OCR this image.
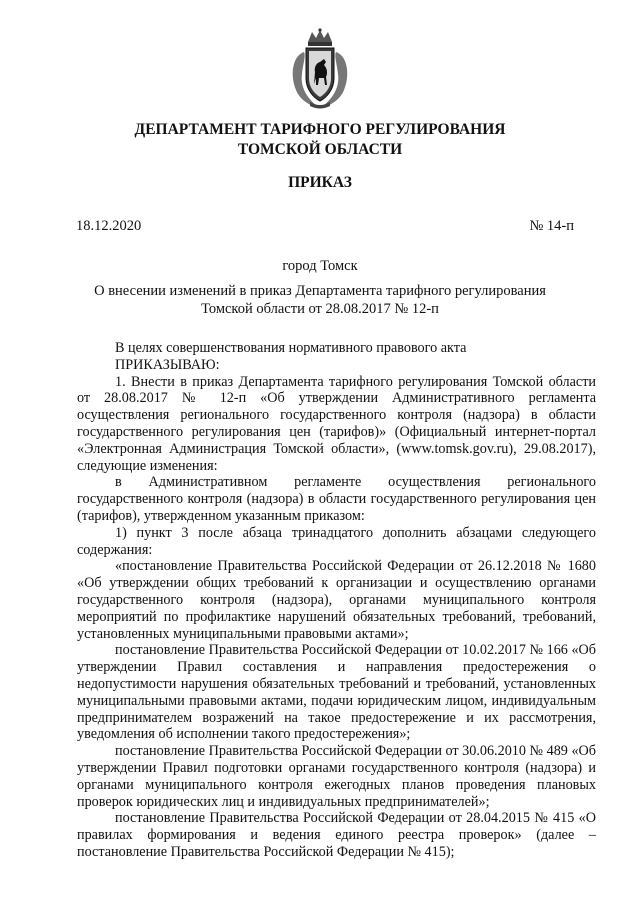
ДЕПАРТАМЕНТ ТАРИФНОГО РЕГУЛИРОВАНИЯ
ТОМСКОЙ ОБЛАСТИ
ПРИКАЗ
18.12.2020	№ 14-п
город Томск
О внесении изменений в приказ Департамента тарифного регулирования Томской области от 28.08.2017 № 12-п

В целях совершенствования нормативного правового акта

ПРИКАЗЫВАЮ:

1. Внести в приказ Департамента тарифного регулирования Томской области от 28.08.2017 № 12-п «Об утверждении Административного регламента осуществления регионального государственного контроля (надзора) в области государственного регулирования цен (тарифов)» (Официальный интернет-портал «Электронная Администрация Томской области», (www.tomsk.gov.ru), 29.08.2017), следующие изменения:

в Административном регламенте осуществления регионального государственного контроля (надзора) в области государственного регулирования цен (тарифов), утвержденном указанным приказом:

1) пункт 3 после абзаца тринадцатого дополнить абзацами следующего содержания:

«постановление Правительства Российской Федерации от 26.12.2018 № 1680 «Об утверждении общих требований к организации и осуществлению органами государственного контроля (надзора), органами муниципального контроля мероприятий по профилактике нарушений обязательных требований, требований, установленных муниципальными правовыми актами»;

постановление Правительства Российской Федерации от 10.02.2017 № 166 «Об утверждении Правил составления и направления предостережения о недопустимости нарушения обязательных требований и требований, установленных муниципальными правовыми актами, подачи юридическим лицом, индивидуальным предпринимателем возражений на такое предостережение и их рассмотрения, уведомления об исполнении такого предостережения»;

постановление Правительства Российской Федерации от 30.06.2010 № 489 «Об утверждении Правил подготовки органами государственного контроля (надзора) и органами муниципального контроля ежегодных планов проведения плановых проверок юридических лиц и индивидуальных предпринимателей»;

постановление Правительства Российской Федерации от 28.04.2015 № 415 «О правилах формирования и ведения единого реестра проверок» (далее – постановление Правительства Российской Федерации № 415);
